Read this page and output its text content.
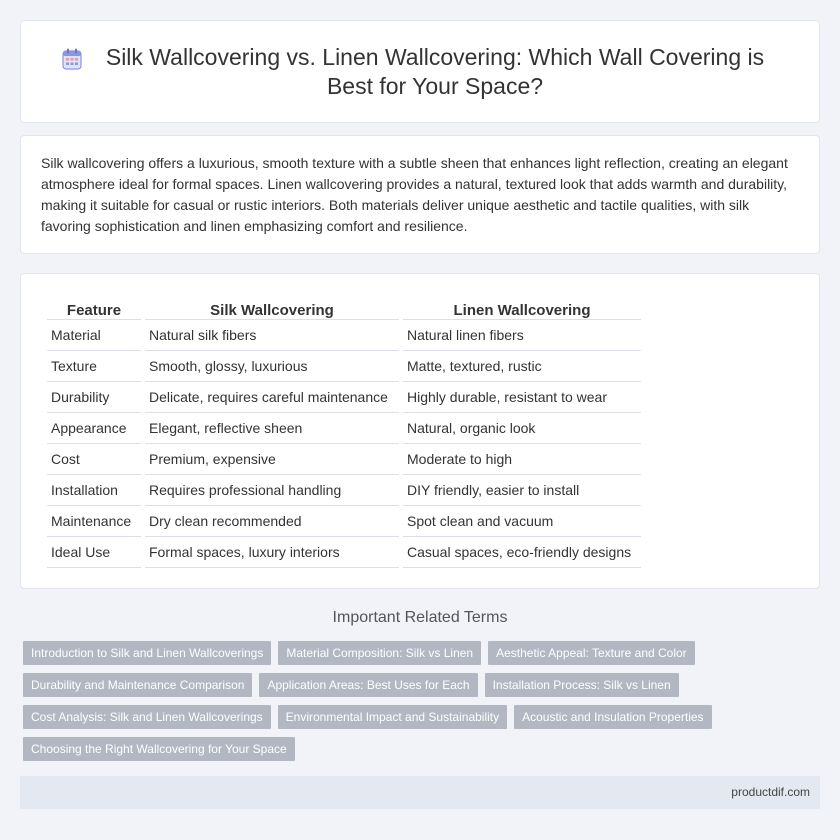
Silk Wallcovering vs. Linen Wallcovering: Which Wall Covering is Best for Your Space?

Silk wallcovering offers a luxurious, smooth texture with a subtle sheen that enhances light reflection, creating an elegant atmosphere ideal for formal spaces. Linen wallcovering provides a natural, textured look that adds warmth and durability, making it suitable for casual or rustic interiors. Both materials deliver unique aesthetic and tactile qualities, with silk favoring sophistication and linen emphasizing comfort and resilience.

Feature	Silk Wallcovering	Linen Wallcovering
Material	Natural silk fibers	Natural linen fibers
Texture	Smooth, glossy, luxurious	Matte, textured, rustic
Durability	Delicate, requires careful maintenance	Highly durable, resistant to wear
Appearance	Elegant, reflective sheen	Natural, organic look
Cost	Premium, expensive	Moderate to high
Installation	Requires professional handling	DIY friendly, easier to install
Maintenance	Dry clean recommended	Spot clean and vacuum
Ideal Use	Formal spaces, luxury interiors	Casual spaces, eco-friendly designs
Important Related Terms
Introduction to Silk and Linen Wallcoverings	Material Composition: Silk vs Linen	Aesthetic Appeal: Texture and Color
Durability and Maintenance Comparison	Application Areas: Best Uses for Each	Installation Process: Silk vs Linen
Cost Analysis: Silk and Linen Wallcoverings	Environmental Impact and Sustainability	Acoustic and Insulation Properties
Choosing the Right Wallcovering for Your Space
productdif.com
